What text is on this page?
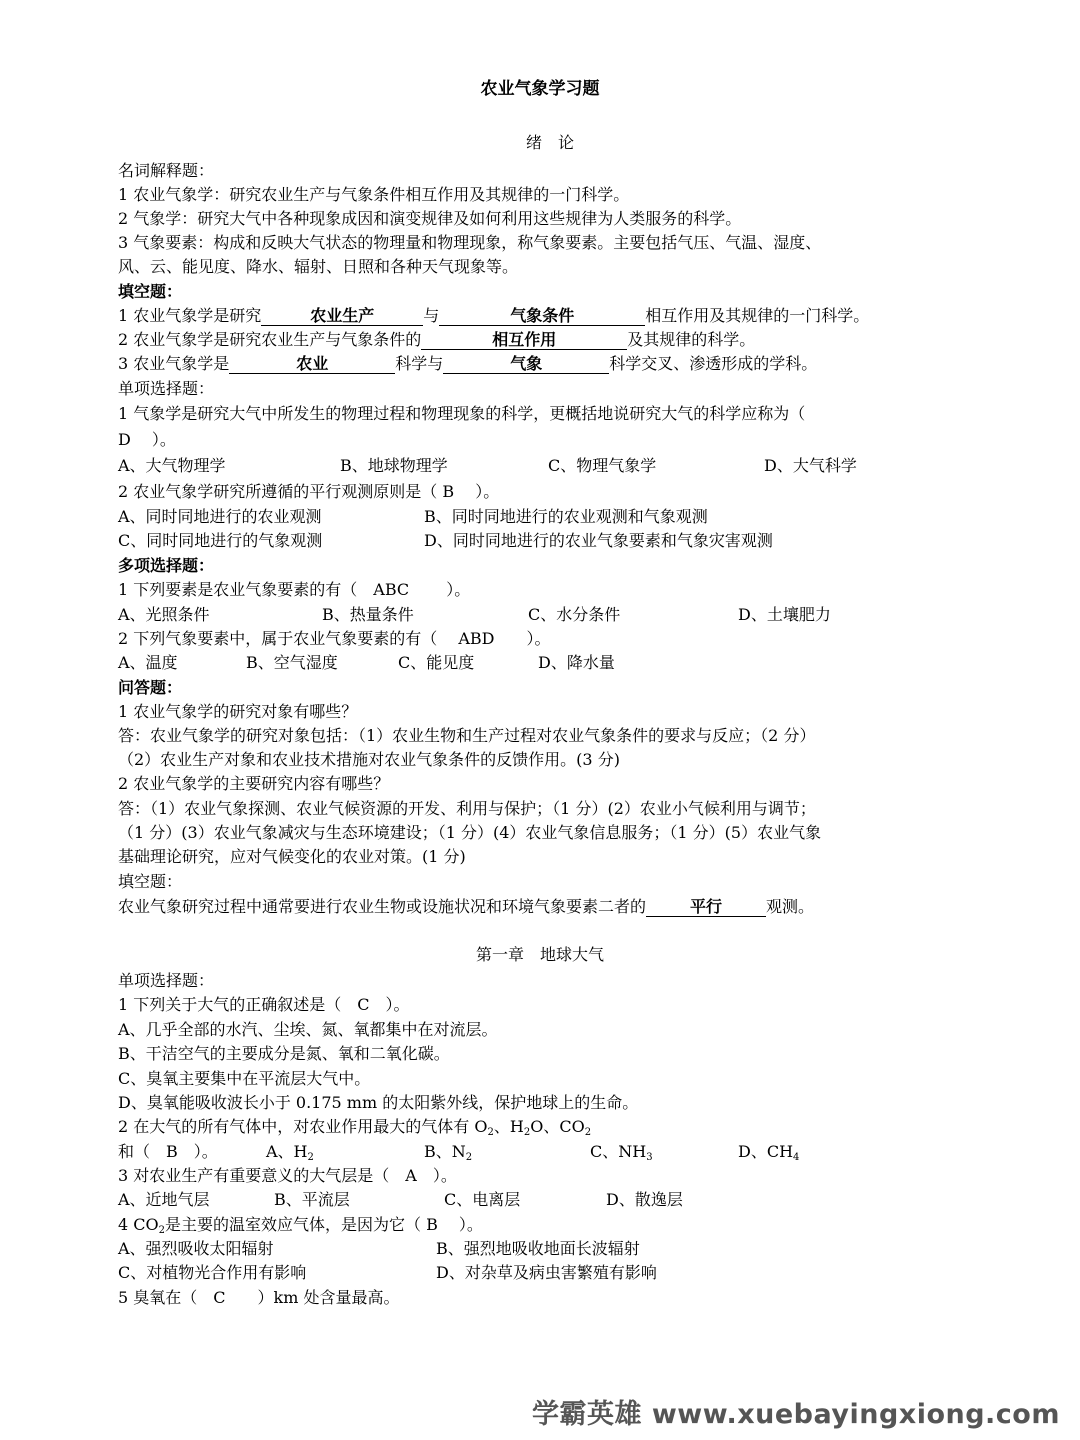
农业气象学习题
绪　论
名词解释题：
1 农业气象学：研究农业生产与气象条件相互作用及其规律的一门科学。
2 气象学：研究大气中各种现象成因和演变规律及如何利用这些规律为人类服务的科学。
3 气象要素：构成和反映大气状态的物理量和物理现象，称气象要素。主要包括气压、气温、湿度、
风、云、能见度、降水、辐射、日照和各种天气现象等。
填空题：
1 农业气象学是研究	农业生产	与	气象条件	相互作用及其规律的一门科学。
2 农业气象学是研究农业生产与气象条件的	相互作用	及其规律的科学。
3 农业气象学是	农业	科学与	气象	科学交叉、渗透形成的学科。
单项选择题：
1 气象学是研究大气中所发生的物理过程和物理现象的科学，更概括地说研究大气的科学应称为（
D　 ）。
A、大气物理学	B、地球物理学	C、物理气象学	D、大气科学
2 农业气象学研究所遵循的平行观测原则是（ B　 ）。
A、同时同地进行的农业观测	B、同时同地进行的农业观测和气象观测
C、同时同地进行的气象观测	D、同时同地进行的农业气象要素和气象灾害观测
多项选择题：
1 下列要素是农业气象要素的有（　ABC　　 ）。
A、光照条件	B、热量条件	C、水分条件	D、土壤肥力
2 下列气象要素中，属于农业气象要素的有（　 ABD　　）。
A、温度	B、空气湿度	C、能见度	D、降水量
问答题：
1 农业气象学的研究对象有哪些？
答：农业气象学的研究对象包括：（1）农业生物和生产过程对农业气象条件的要求与反应；（2 分）
（2）农业生产对象和农业技术措施对农业气象条件的反馈作用。(3 分)
2 农业气象学的主要研究内容有哪些？
答：（1）农业气象探测、农业气候资源的开发、利用与保护；（1 分）(2）农业小气候利用与调节；
（1 分）(3）农业气象减灾与生态环境建设；（1 分）(4）农业气象信息服务；（1 分）(5）农业气象
基础理论研究，应对气候变化的农业对策。(1 分)
填空题：
农业气象研究过程中通常要进行农业生物或设施状况和环境气象要素二者的	平行	观测。
第一章　地球大气
单项选择题：
1 下列关于大气的正确叙述是（　C　）。
A、几乎全部的水汽、尘埃、氮、氧都集中在对流层。
B、干洁空气的主要成分是氮、氧和二氧化碳。
C、臭氧主要集中在平流层大气中。
D、臭氧能吸收波长小于 0.175 mm 的太阳紫外线，保护地球上的生命。
2 在大气的所有气体中，对农业作用最大的气体有 $O_2$、$H_2O$、$CO_2$
和（　B　）。	A、$H_2$	B、$N_2$	C、$NH_3$	D、$CH_4$
3 对农业生产有重要意义的大气层是（　A　）。
A、近地气层	B、平流层	C、电离层	D、散逸层
4 $CO_2$是主要的温室效应气体，是因为它（ B　 ）。
A、强烈吸收太阳辐射	B、强烈地吸收地面长波辐射
C、对植物光合作用有影响	D、对杂草及病虫害繁殖有影响
5 臭氧在（　C　　）km 处含量最高。
学霸英雄 www.xuebayingxiong.com
